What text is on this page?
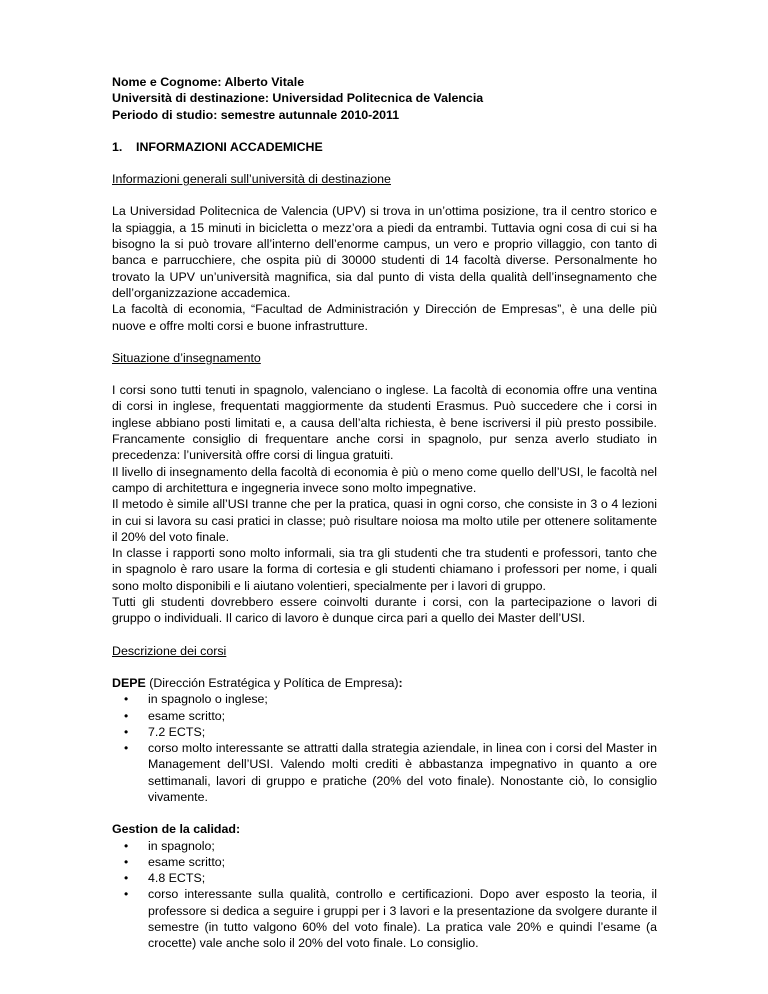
Nome e Cognome: Alberto Vitale
Università di destinazione: Universidad Politecnica de Valencia
Periodo di studio: semestre autunnale 2010-2011
1. INFORMAZIONI ACCADEMICHE
Informazioni generali sull’università di destinazione

La Universidad Politecnica de Valencia (UPV) si trova in un’ottima posizione, tra il centro storico e la spiaggia, a 15 minuti in bicicletta o mezz’ora a piedi da entrambi. Tuttavia ogni cosa di cui si ha bisogno la si può trovare all’interno dell’enorme campus, un vero e proprio villaggio, con tanto di banca e parrucchiere, che ospita più di 30000 studenti di 14 facoltà diverse. Personalmente ho trovato la UPV un’università magnifica, sia dal punto di vista della qualità dell’insegnamento che dell’organizzazione accademica.

La facoltà di economia, “Facultad de Administración y Dirección de Empresas”, è una delle più nuove e offre molti corsi e buone infrastrutture.

Situazione d’insegnamento

I corsi sono tutti tenuti in spagnolo, valenciano o inglese. La facoltà di economia offre una ventina di corsi in inglese, frequentati maggiormente da studenti Erasmus. Può succedere che i corsi in inglese abbiano posti limitati e, a causa dell’alta richiesta, è bene iscriversi il più presto possibile. Francamente consiglio di frequentare anche corsi in spagnolo, pur senza averlo studiato in precedenza: l’università offre corsi di lingua gratuiti.

Il livello di insegnamento della facoltà di economia è più o meno come quello dell’USI, le facoltà nel campo di architettura e ingegneria invece sono molto impegnative.

Il metodo è simile all’USI tranne che per la pratica, quasi in ogni corso, che consiste in 3 o 4 lezioni in cui si lavora su casi pratici in classe; può risultare noiosa ma molto utile per ottenere solitamente il 20% del voto finale.

In classe i rapporti sono molto informali, sia tra gli studenti che tra studenti e professori, tanto che in spagnolo è raro usare la forma di cortesia e gli studenti chiamano i professori per nome, i quali sono molto disponibili e li aiutano volentieri, specialmente per i lavori di gruppo.

Tutti gli studenti dovrebbero essere coinvolti durante i corsi, con la partecipazione o lavori di gruppo o individuali. Il carico di lavoro è dunque circa pari a quello dei Master dell’USI.

Descrizione dei corsi
DEPE (Dirección Estratégica y Política de Empresa):
• in spagnolo o inglese;
• esame scritto;
• 7.2 ECTS;
• corso molto interessante se attratti dalla strategia aziendale, in linea con i corsi del Master in Management dell’USI. Valendo molti crediti è abbastanza impegnativo in quanto a ore settimanali, lavori di gruppo e pratiche (20% del voto finale). Nonostante ciò, lo consiglio vivamente.
Gestion de la calidad:
• in spagnolo;
• esame scritto;
• 4.8 ECTS;
• corso interessante sulla qualità, controllo e certificazioni. Dopo aver esposto la teoria, il professore si dedica a seguire i gruppi per i 3 lavori e la presentazione da svolgere durante il semestre (in tutto valgono 60% del voto finale). La pratica vale 20% e quindi l’esame (a crocette) vale anche solo il 20% del voto finale. Lo consiglio.
